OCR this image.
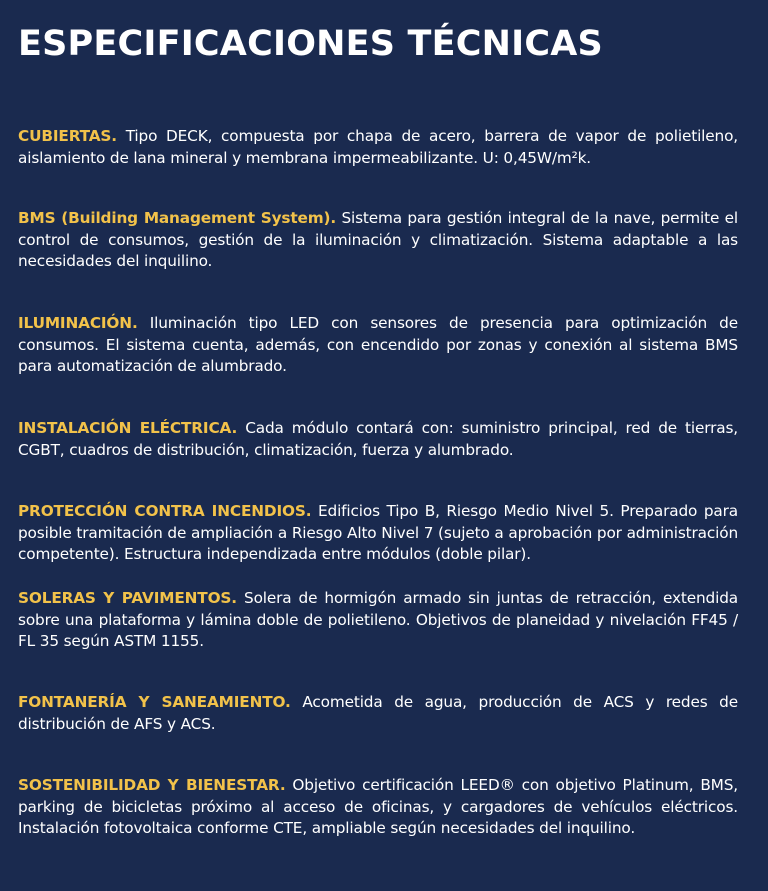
ESPECIFICACIONES TÉCNICAS

CUBIERTAS. Tipo DECK, compuesta por chapa de acero, barrera de vapor de polietileno, aislamiento de lana mineral y membrana impermeabilizante. U: 0,45W/m²k.

BMS (Building Management System). Sistema para gestión integral de la nave, permite el control de consumos, gestión de la iluminación y climatización. Sistema adaptable a las necesidades del inquilino.

ILUMINACIÓN. Iluminación tipo LED con sensores de presencia para optimización de consumos. El sistema cuenta, además, con encendido por zonas y conexión al sistema BMS para automatización de alumbrado.

INSTALACIÓN ELÉCTRICA. Cada módulo contará con: suministro principal, red de tierras, CGBT, cuadros de distribución, climatización, fuerza y alumbrado.

PROTECCIÓN CONTRA INCENDIOS. Edificios Tipo B, Riesgo Medio Nivel 5. Preparado para posible tramitación de ampliación a Riesgo Alto Nivel 7 (sujeto a aprobación por administración competente). Estructura independizada entre módulos (doble pilar).

SOLERAS Y PAVIMENTOS. Solera de hormigón armado sin juntas de retracción, extendida sobre una plataforma y lámina doble de polietileno. Objetivos de planeidad y nivelación FF45 / FL 35 según ASTM 1155.

FONTANERÍA Y SANEAMIENTO. Acometida de agua, producción de ACS y redes de distribución de AFS y ACS.

SOSTENIBILIDAD Y BIENESTAR. Objetivo certificación LEED® con objetivo Platinum, BMS, parking de bicicletas próximo al acceso de oficinas, y cargadores de vehículos eléctricos. Instalación fotovoltaica conforme CTE, ampliable según necesidades del inquilino.
